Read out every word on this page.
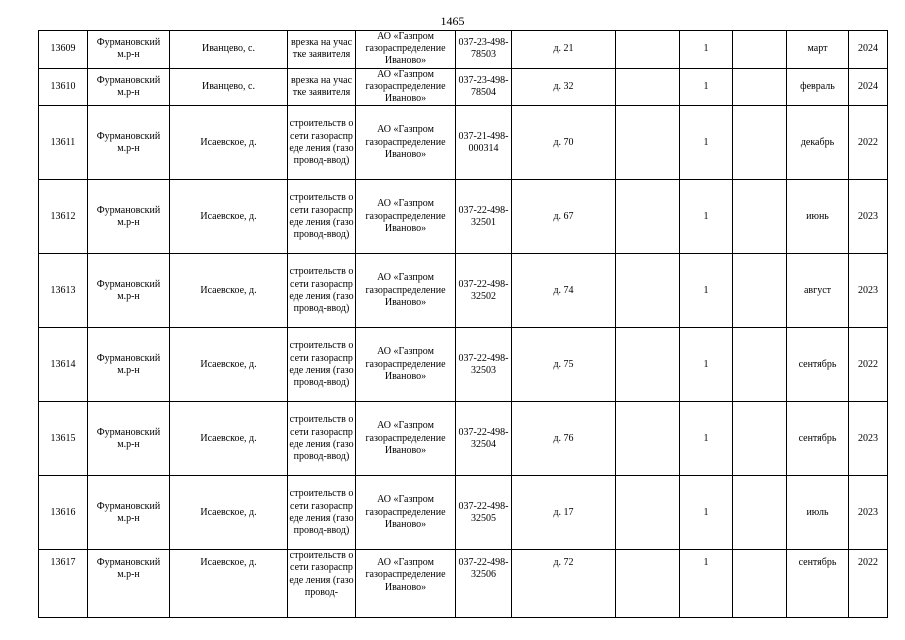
1465
13609	Фурмановский м.р-н	Иванцево, с.	врезка на участке заявителя	АО «Газпром газораспределение Иваново»	037-23-498-78503	д. 21		1		март	2024
13610	Фурмановский м.р-н	Иванцево, с.	врезка на участке заявителя	АО «Газпром газораспределение Иваново»	037-23-498-78504	д. 32		1		февраль	2024
13611	Фурмановский м.р-н	Исаевское, д.	строительств о сети газораспреде ления (газопровод-ввод)	АО «Газпром газораспределение Иваново»	037-21-498-000314	д. 70		1		декабрь	2022
13612	Фурмановский м.р-н	Исаевское, д.	строительств о сети газораспреде ления (газопровод-ввод)	АО «Газпром газораспределение Иваново»	037-22-498-32501	д. 67		1		июнь	2023
13613	Фурмановский м.р-н	Исаевское, д.	строительств о сети газораспреде ления (газопровод-ввод)	АО «Газпром газораспределение Иваново»	037-22-498-32502	д. 74		1		август	2023
13614	Фурмановский м.р-н	Исаевское, д.	строительств о сети газораспреде ления (газопровод-ввод)	АО «Газпром газораспределение Иваново»	037-22-498-32503	д. 75		1		сентябрь	2022
13615	Фурмановский м.р-н	Исаевское, д.	строительств о сети газораспреде ления (газопровод-ввод)	АО «Газпром газораспределение Иваново»	037-22-498-32504	д. 76		1		сентябрь	2023
13616	Фурмановский м.р-н	Исаевское, д.	строительств о сети газораспреде ления (газопровод-ввод)	АО «Газпром газораспределение Иваново»	037-22-498-32505	д. 17		1		июль	2023
13617	Фурмановский м.р-н	Исаевское, д.	строительств о сети газораспреде ления (газопровод-	АО «Газпром газораспределение Иваново»	037-22-498-32506	д. 72		1		сентябрь	2022
